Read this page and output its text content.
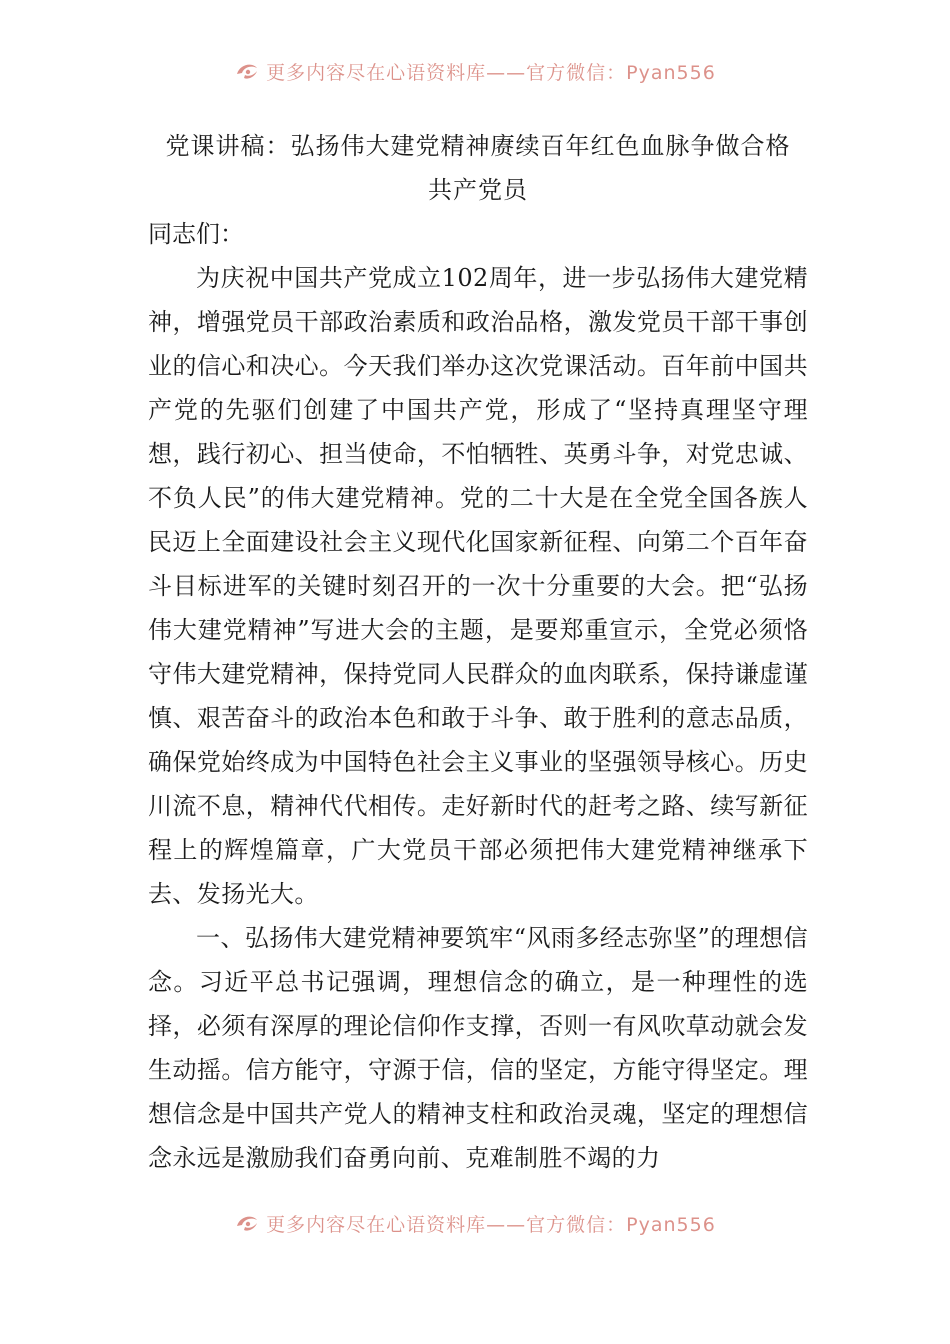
更多内容尽在心语资料库——官方微信：Pyan556

党课讲稿：弘扬伟大建党精神赓续百年红色血脉争做合格

共产党员

同志们：

为庆祝中国共产党成立102周年，进一步弘扬伟大建党精神，增强党员干部政治素质和政治品格，激发党员干部干事创业的信心和决心。今天我们举办这次党课活动。百年前中国共产党的先驱们创建了中国共产党，形成了“坚持真理坚守理想，践行初心、担当使命，不怕牺牲、英勇斗争，对党忠诚、不负人民”的伟大建党精神。党的二十大是在全党全国各族人民迈上全面建设社会主义现代化国家新征程、向第二个百年奋斗目标进军的关键时刻召开的一次十分重要的大会。把“弘扬伟大建党精神”写进大会的主题，是要郑重宣示，全党必须恪守伟大建党精神，保持党同人民群众的血肉联系，保持谦虚谨慎、艰苦奋斗的政治本色和敢于斗争、敢于胜利的意志品质，确保党始终成为中国特色社会主义事业的坚强领导核心。历史川流不息，精神代代相传。走好新时代的赶考之路、续写新征程上的辉煌篇章，广大党员干部必须把伟大建党精神继承下去、发扬光大。

一、弘扬伟大建党精神要筑牢“风雨多经志弥坚”的理想信念。习近平总书记强调，理想信念的确立，是一种理性的选择，必须有深厚的理论信仰作支撑，否则一有风吹草动就会发生动摇。信方能守，守源于信，信的坚定，方能守得坚定。理想信念是中国共产党人的精神支柱和政治灵魂，坚定的理想信念永远是激励我们奋勇向前、克难制胜不竭的力

更多内容尽在心语资料库——官方微信：Pyan556
